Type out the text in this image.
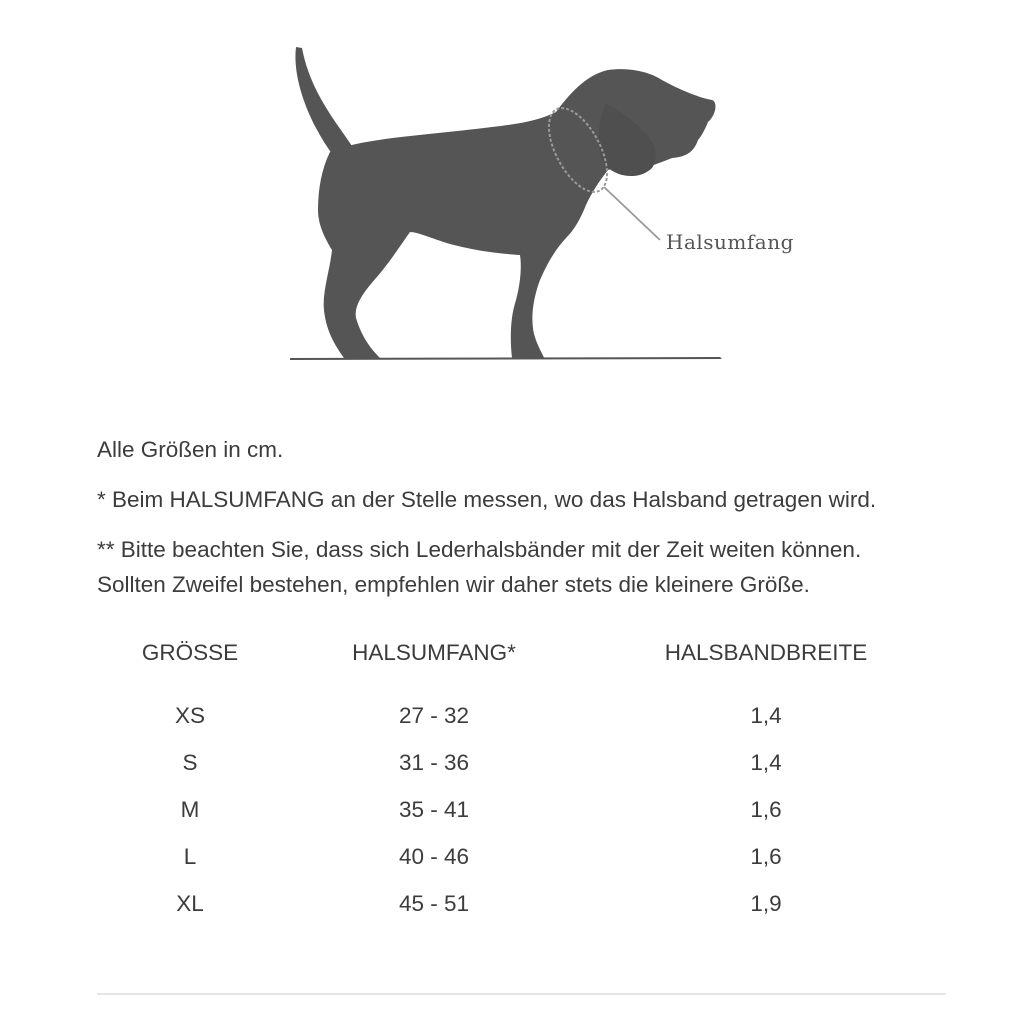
Halsumfang

Alle Größen in cm.

* Beim HALSUMFANG an der Stelle messen, wo das Halsband getragen wird.

** Bitte beachten Sie, dass sich Lederhalsbänder mit der Zeit weiten können.

Sollten Zweifel bestehen, empfehlen wir daher stets die kleinere Größe.

GRÖSSE	HALSUMFANG*	HALSBANDBREITE
XS	27 - 32	1,4
S	31 - 36	1,4
M	35 - 41	1,6
L	40 - 46	1,6
XL	45 - 51	1,9
